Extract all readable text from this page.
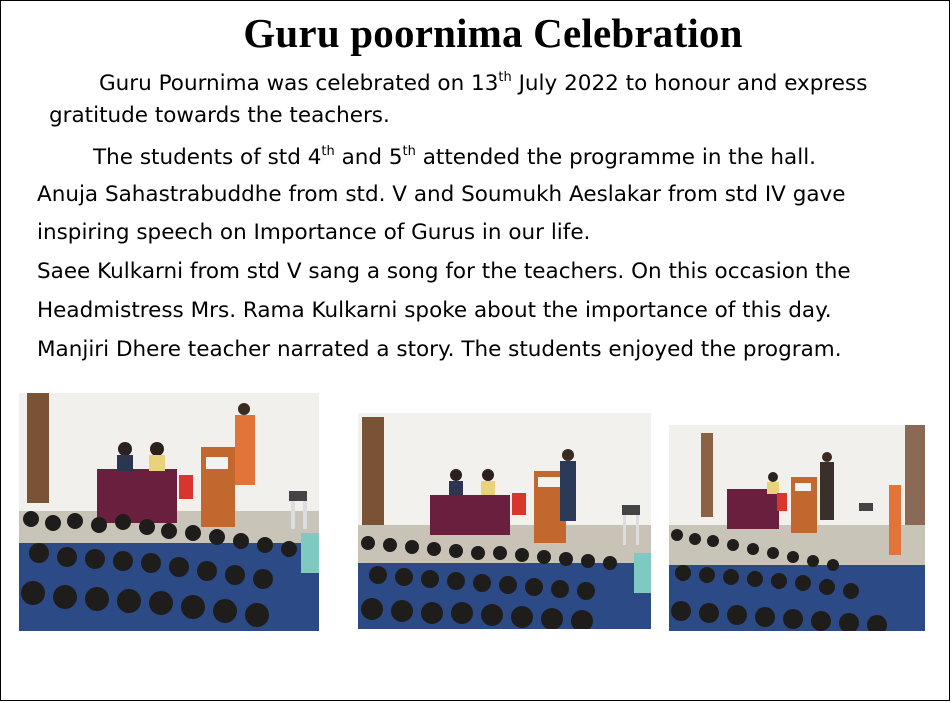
Guru poornima Celebration
Guru Pournima was celebrated on 13th July 2022 to honour and express
gratitude towards the teachers.
The students of std 4th and 5th attended the programme in the hall.
Anuja Sahastrabuddhe from std. V and Soumukh Aeslakar from std IV gave
inspiring speech on Importance of Gurus in our life.
Saee Kulkarni from std V sang a song for the teachers. On this occasion the
Headmistress Mrs. Rama Kulkarni spoke about the importance of this day.
Manjiri Dhere teacher narrated a story. The students enjoyed the program.
